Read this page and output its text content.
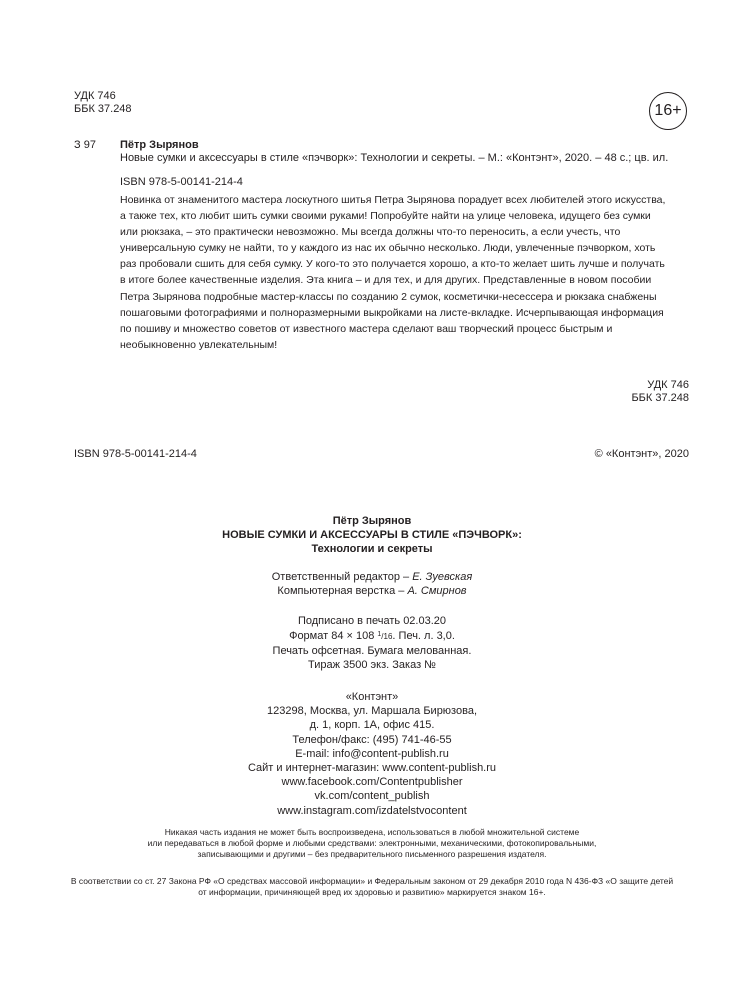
УДК 746
ББК 37.248	16+
З 97 Пётр Зырянов
Новые сумки и аксессуары в стиле «пэчворк»: Технологии и секреты. – М.: «Контэнт», 2020. – 48 с.; цв. ил.
ISBN 978-5-00141-214-4
Новинка от знаменитого мастера лоскутного шитья Петра Зырянова порадует всех любителей этого искусства, а также тех, кто любит шить сумки своими руками! Попробуйте найти на улице человека, идущего без сумки или рюкзака, – это практически невозможно. Мы всегда должны что-то переносить, а если учесть, что универсальную сумку не найти, то у каждого из нас их обычно несколько. Люди, увлеченные пэчворком, хоть раз пробовали сшить для себя сумку. У кого-то это получается хорошо, а кто-то желает шить лучше и получать в итоге более качественные изделия. Эта книга – и для тех, и для других. Представленные в новом пособии Петра Зырянова подробные мастер-классы по созданию 2 сумок, косметички-несессера и рюкзака снабжены пошаговыми фотографиями и полноразмерными выкройками на листе-вкладке. Исчерпывающая информация по пошиву и множество советов от известного мастера сделают ваш творческий процесс быстрым и необыкновенно увлекательным!
УДК 746
ББК 37.248
ISBN 978-5-00141-214-4	© «Контэнт», 2020
Пётр Зырянов
НОВЫЕ СУМКИ И АКСЕССУАРЫ В СТИЛЕ «ПЭЧВОРК»:
Технологии и секреты
Ответственный редактор – Е. Зуевская
Компьютерная верстка – А. Смирнов
Подписано в печать 02.03.20
Формат 84 × 108 $^1$/16. Печ. л. 3,0.
Печать офсетная. Бумага мелованная.
Тираж 3500 экз. Заказ №
«Контэнт»
123298, Москва, ул. Маршала Бирюзова,
д. 1, корп. 1А, офис 415.
Телефон/факс: (495) 741-46-55
E-mail: info@content-publish.ru
Сайт и интернет-магазин: www.content-publish.ru
www.facebook.com/Contentpublisher
vk.com/content_publish
www.instagram.com/izdatelstvocontent
Никакая часть издания не может быть воспроизведена, использоваться в любой множительной системе
или передаваться в любой форме и любыми средствами: электронными, механическими, фотокопировальными,
записывающими и другими – без предварительного письменного разрешения издателя.
В соответствии со ст. 27 Закона РФ «О средствах массовой информации» и Федеральным законом от 29 декабря 2010 года N 436-ФЗ «О защите детей
от информации, причиняющей вред их здоровью и развитию» маркируется знаком 16+.
